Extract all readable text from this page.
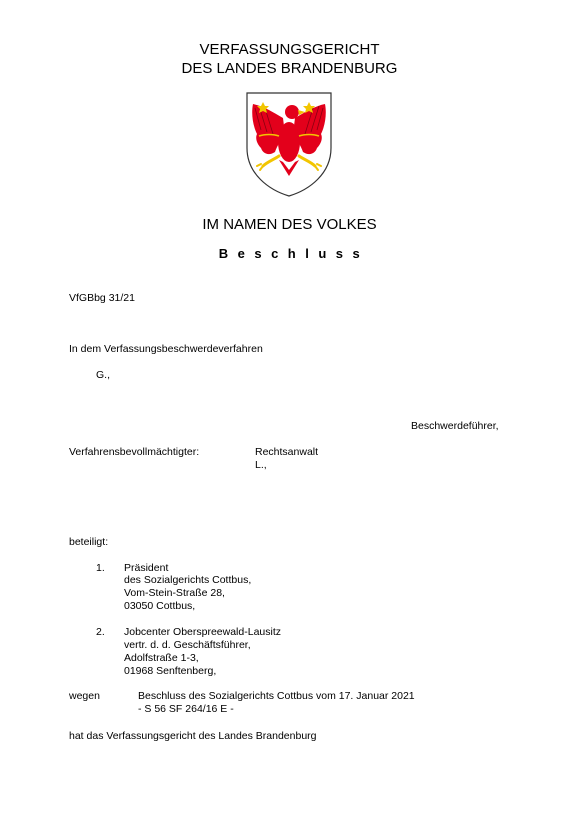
VERFASSUNGSGERICHT
DES LANDES BRANDENBURG
IM NAMEN DES VOLKES
Beschluss
VfGBbg 31/21
In dem Verfassungsbeschwerdeverfahren
G.,
Beschwerdeführer,
Verfahrensbevollmächtigter:	Rechtsanwalt
L.,
beteiligt:
1. Präsident
des Sozialgerichts Cottbus,
Vom-Stein-Straße 28,
03050 Cottbus,
2. Jobcenter Oberspreewald-Lausitz
vertr. d. d. Geschäftsführer,
Adolfstraße 1-3,
01968 Senftenberg,
wegen	Beschluss des Sozialgerichts Cottbus vom 17. Januar 2021
- S 56 SF 264/16 E -
hat das Verfassungsgericht des Landes Brandenburg
